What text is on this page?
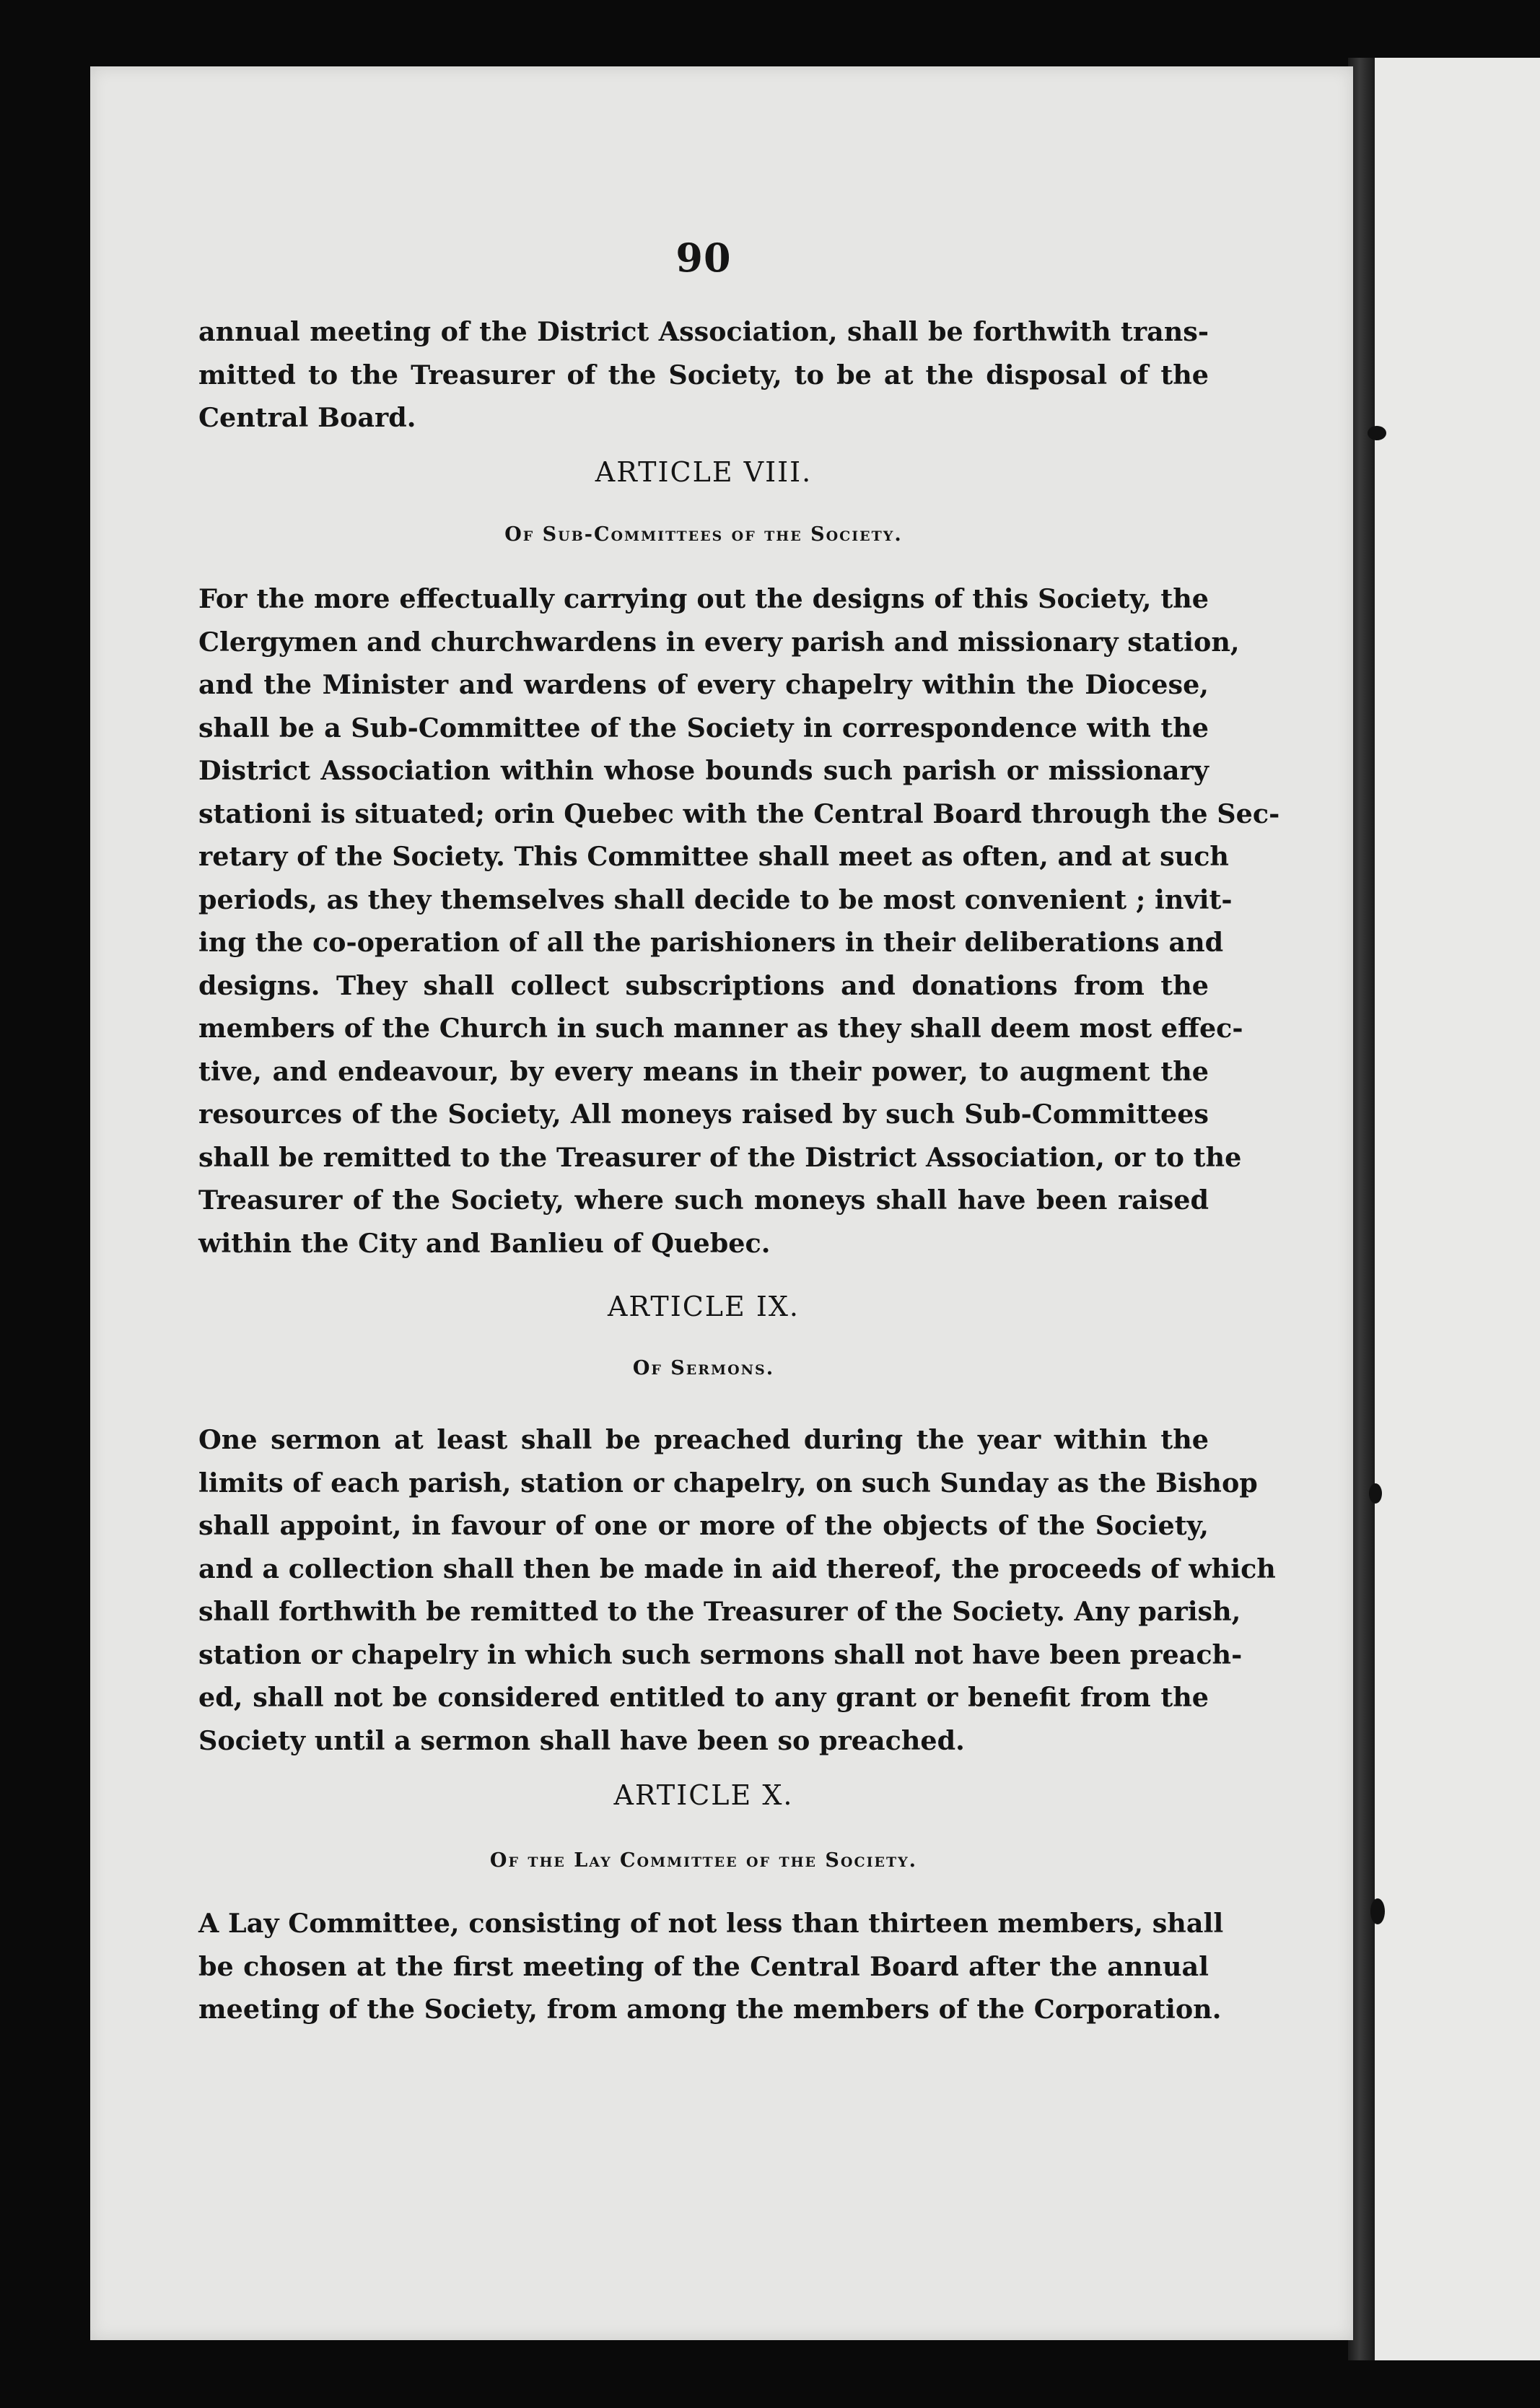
90
annual meeting of the District Association, shall be forthwith trans-
mitted to the Treasurer of the Society, to be at the disposal of the
Central Board.
ARTICLE VIII.
Of Sub-Committees of the Society.
For the more effectually carrying out the designs of this Society, the
Clergymen and churchwardens in every parish and missionary station,
and the Minister and wardens of every chapelry within the Diocese,
shall be a Sub-Committee of the Society in correspondence with the
District Association within whose bounds such parish or missionary
stationi is situated; orin Quebec with the Central Board through the Sec-
retary of the Society. This Committee shall meet as often, and at such
periods, as they themselves shall decide to be most convenient ; invit-
ing the co-operation of all the parishioners in their deliberations and
designs. They shall collect subscriptions and donations from the
members of the Church in such manner as they shall deem most effec-
tive, and endeavour, by every means in their power, to augment the
resources of the Society, All moneys raised by such Sub-Committees
shall be remitted to the Treasurer of the District Association, or to the
Treasurer of the Society, where such moneys shall have been raised
within the City and Banlieu of Quebec.
ARTICLE IX.
Of Sermons.
One sermon at least shall be preached during the year within the
limits of each parish, station or chapelry, on such Sunday as the Bishop
shall appoint, in favour of one or more of the objects of the Society,
and a collection shall then be made in aid thereof, the proceeds of which
shall forthwith be remitted to the Treasurer of the Society. Any parish,
station or chapelry in which such sermons shall not have been preach-
ed, shall not be considered entitled to any grant or benefit from the
Society until a sermon shall have been so preached.
ARTICLE X.
Of the Lay Committee of the Society.
A Lay Committee, consisting of not less than thirteen members, shall
be chosen at the first meeting of the Central Board after the annual
meeting of the Society, from among the members of the Corporation.
